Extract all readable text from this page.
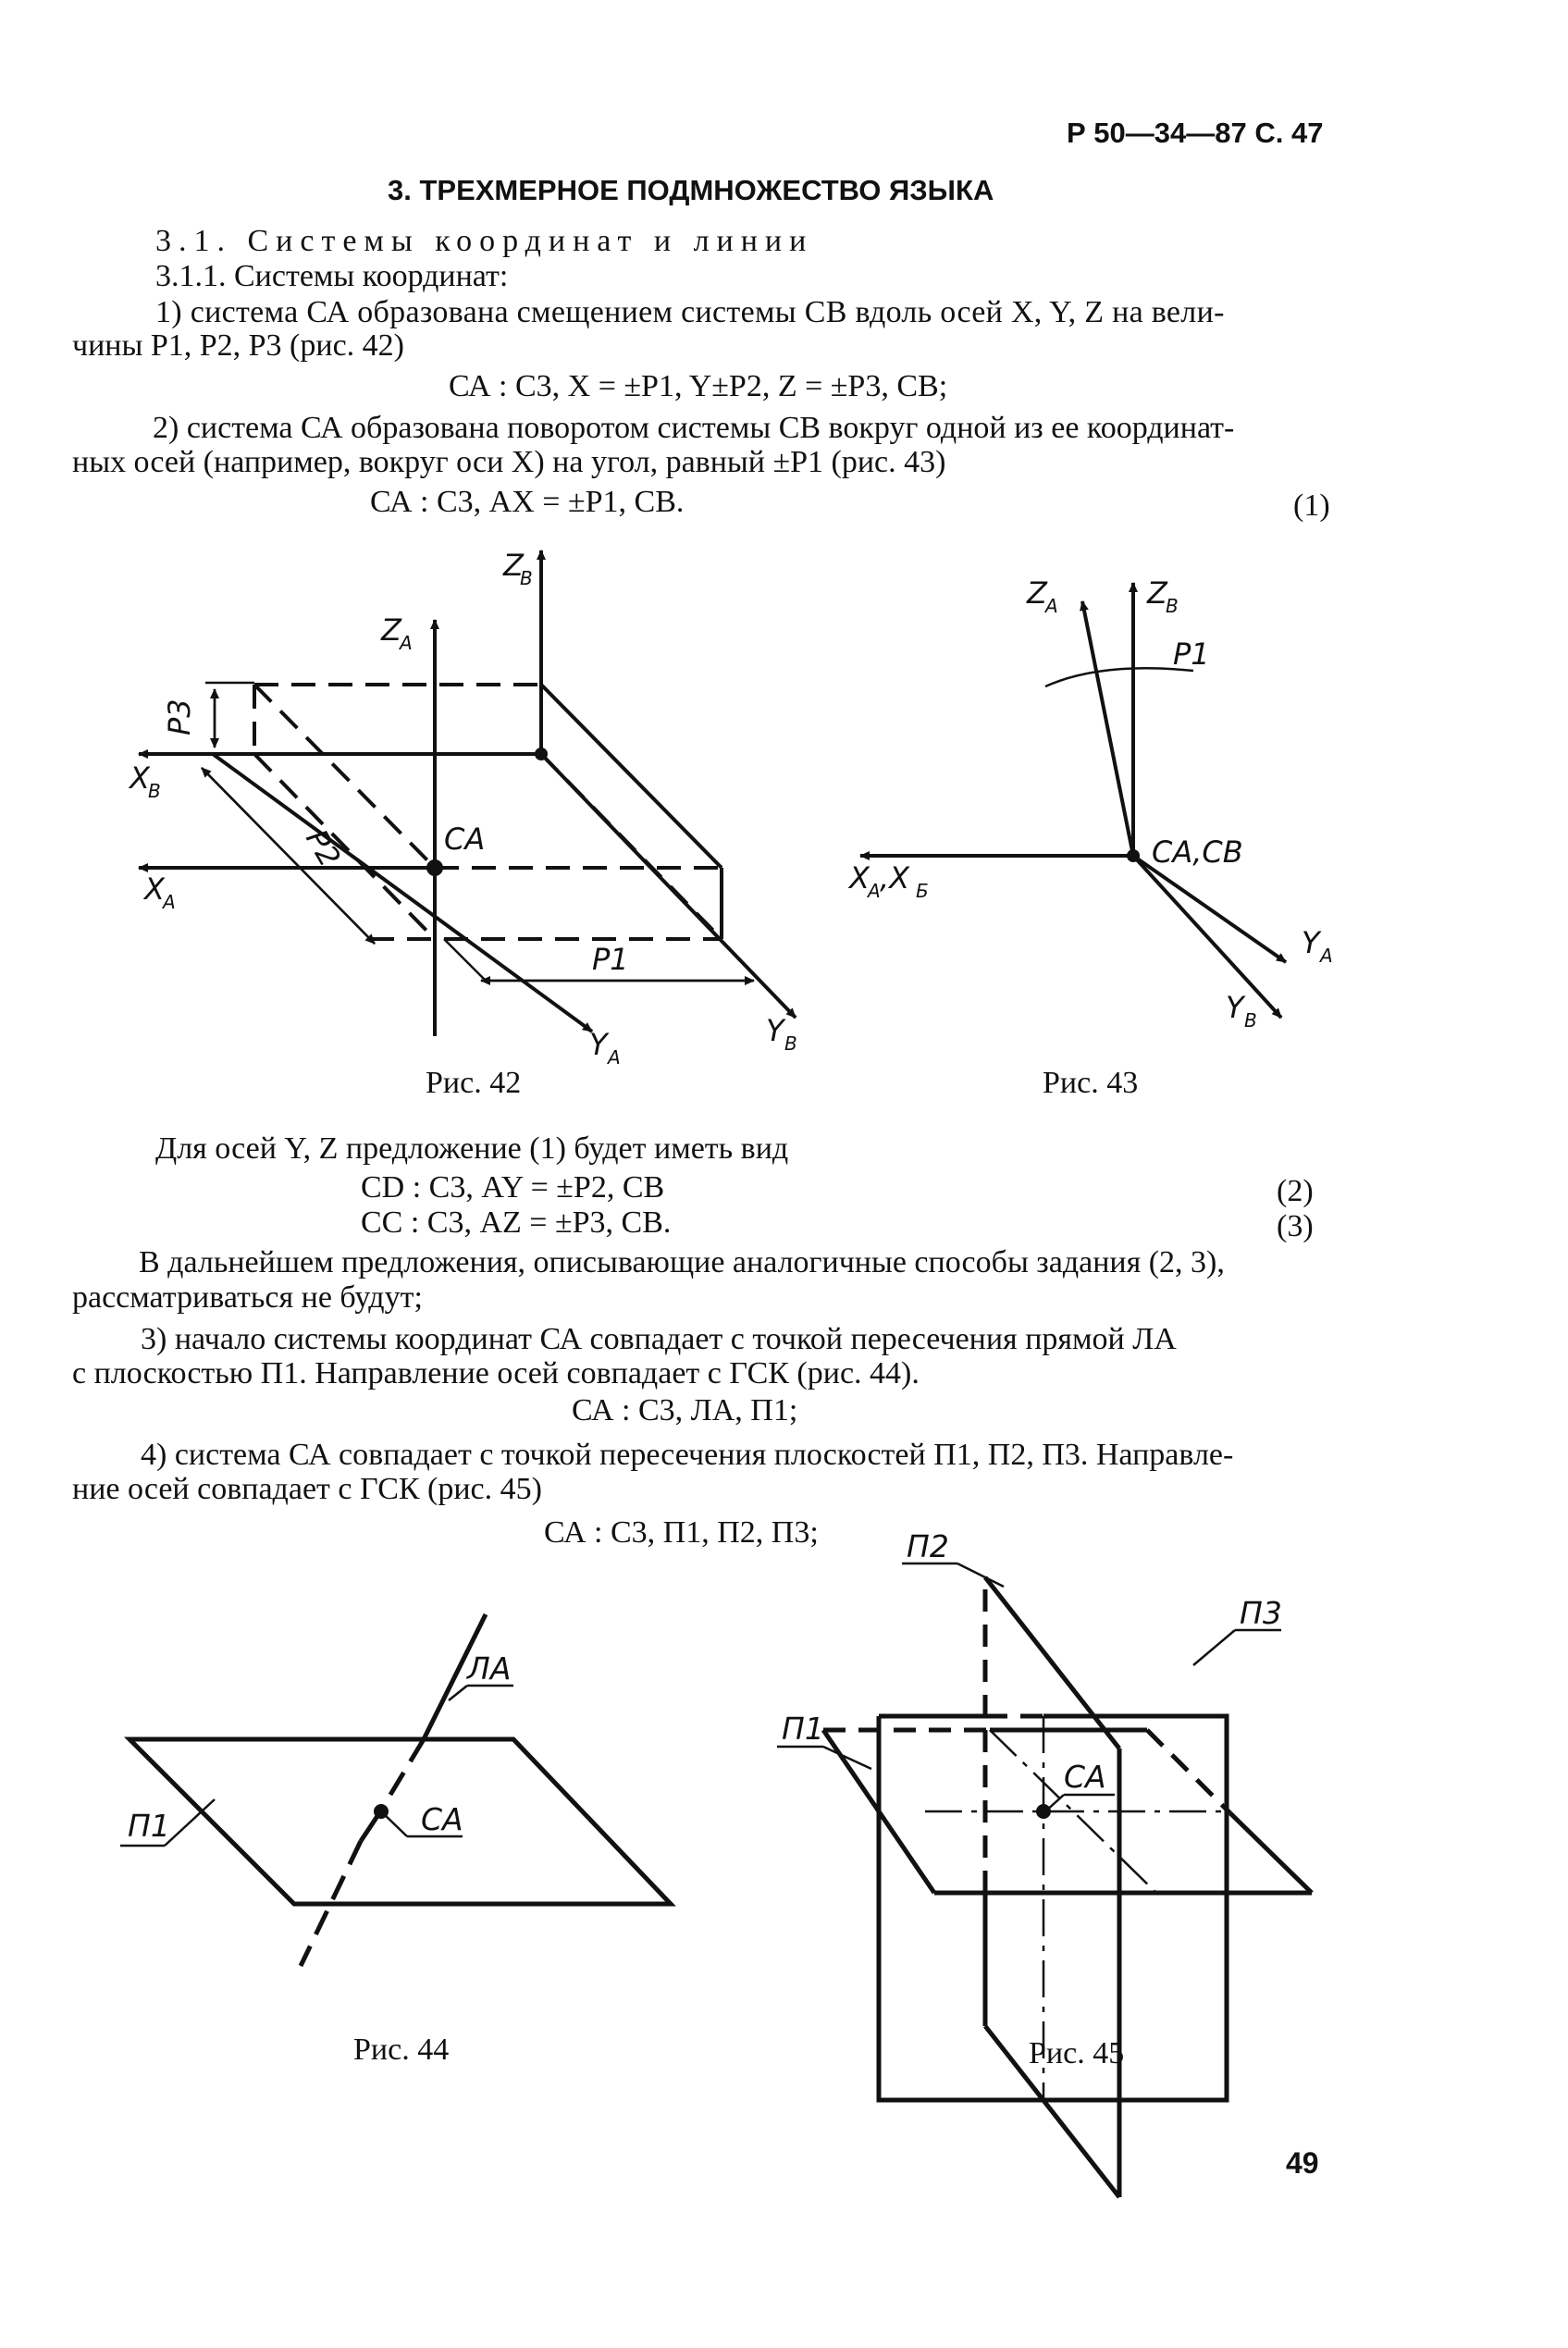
Р 50—34—87 С. 47
3. ТРЕХМЕРНОЕ ПОДМНОЖЕСТВО ЯЗЫКА
3.1. Системы координат и линии
3.1.1. Системы координат:
1) система СА образована смещением системы СВ вдоль осей X, Y, Z на вели-
чины P1, P2, P3 (рис. 42)
СА : С3, X = ±P1, Y±P2, Z = ±P3, СВ;
2) система СА образована поворотом системы СВ вокруг одной из ее координат-
ных осей (например, вокруг оси X) на угол, равный ±P1 (рис. 43)
СА : С3, АХ = ±P1, СВ.	(1)
Z
В
Z
А
X
В
X
А
Y А
Y В
СА
P1
P2
P3
Z
А	Z
В
P1
СА,СВ
X
А ,X Б
Y А
Y В
ЛА
П1	СА
П2
П3
П1
СА
Рис. 42	Рис. 43
Для осей Y, Z предложение (1) будет иметь вид
CD : С3, AY = ±P2, СВ	(2)
СС : С3, AZ = ±P3, СВ.	(3)
В дальнейшем предложения, описывающие аналогичные способы задания (2, 3),
рассматриваться не будут;
3) начало системы координат СА совпадает с точкой пересечения прямой ЛА
с плоскостью П1. Направление осей совпадает с ГСК (рис. 44).
СА : С3, ЛА, П1;
4) система СА совпадает с точкой пересечения плоскостей П1, П2, П3. Направле-
ние осей совпадает с ГСК (рис. 45)
СА : С3, П1, П2, П3;
Рис. 44	Рис. 45
49
